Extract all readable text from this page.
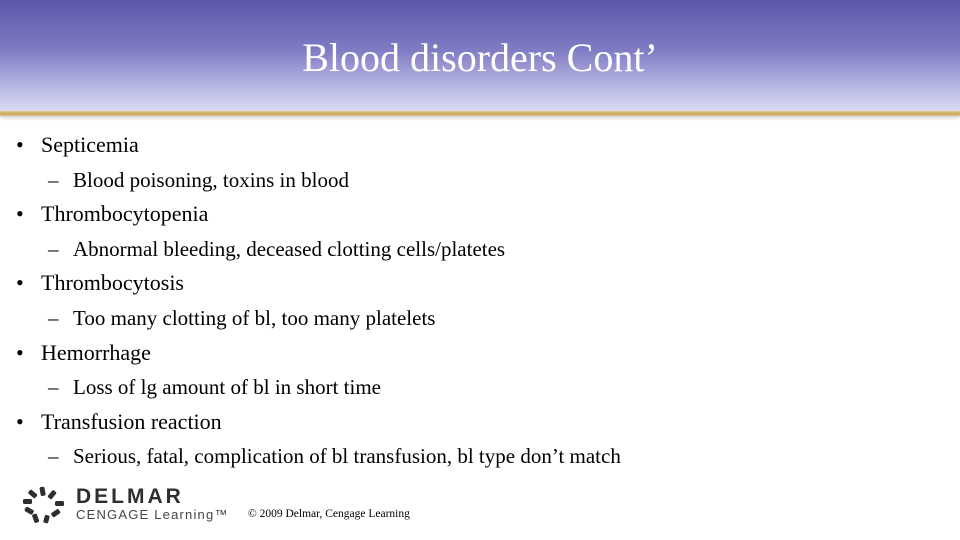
Blood disorders Cont’
• Septicemia
– Blood poisoning, toxins in blood
• Thrombocytopenia
– Abnormal bleeding, deceased clotting cells/platetes
• Thrombocytosis
– Too many clotting of bl, too many platelets
• Hemorrhage
– Loss of lg amount of bl in short time
• Transfusion reaction
– Serious, fatal, complication of bl transfusion, bl type don’t match
DELMAR
CENGAGE Learning™ © 2009 Delmar, Cengage Learning
